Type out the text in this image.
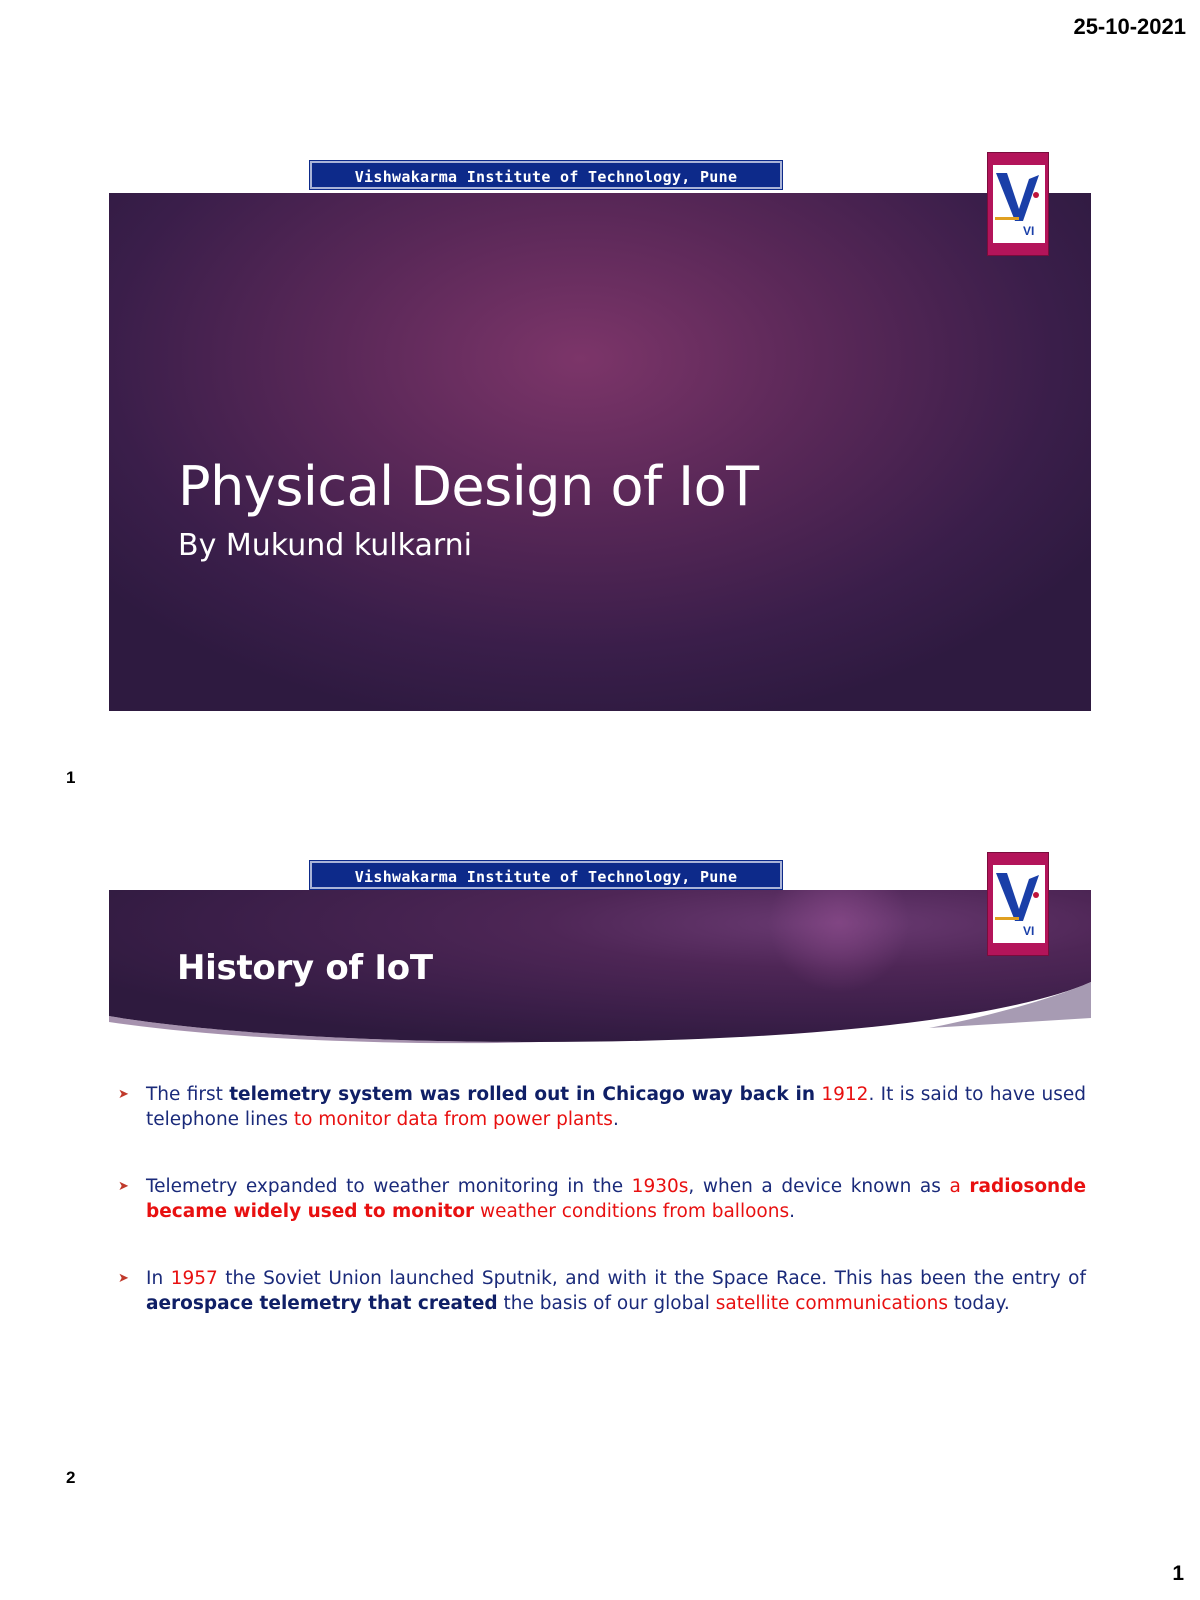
25-10-2021
Vishwakarma Institute of Technology, Pune
VI
Physical Design of IoT
By Mukund kulkarni
1
Vishwakarma Institute of Technology, Pune
VI
History of IoT
➤ The first telemetry system was rolled out in Chicago way back in 1912. It is said to have used telephone lines to monitor data from power plants.
➤ Telemetry expanded to weather monitoring in the 1930s, when a device known as a radiosonde became widely used to monitor weather conditions from balloons.
➤ In 1957 the Soviet Union launched Sputnik, and with it the Space Race. This has been the entry of aerospace telemetry that created the basis of our global satellite communications today.
2
1
